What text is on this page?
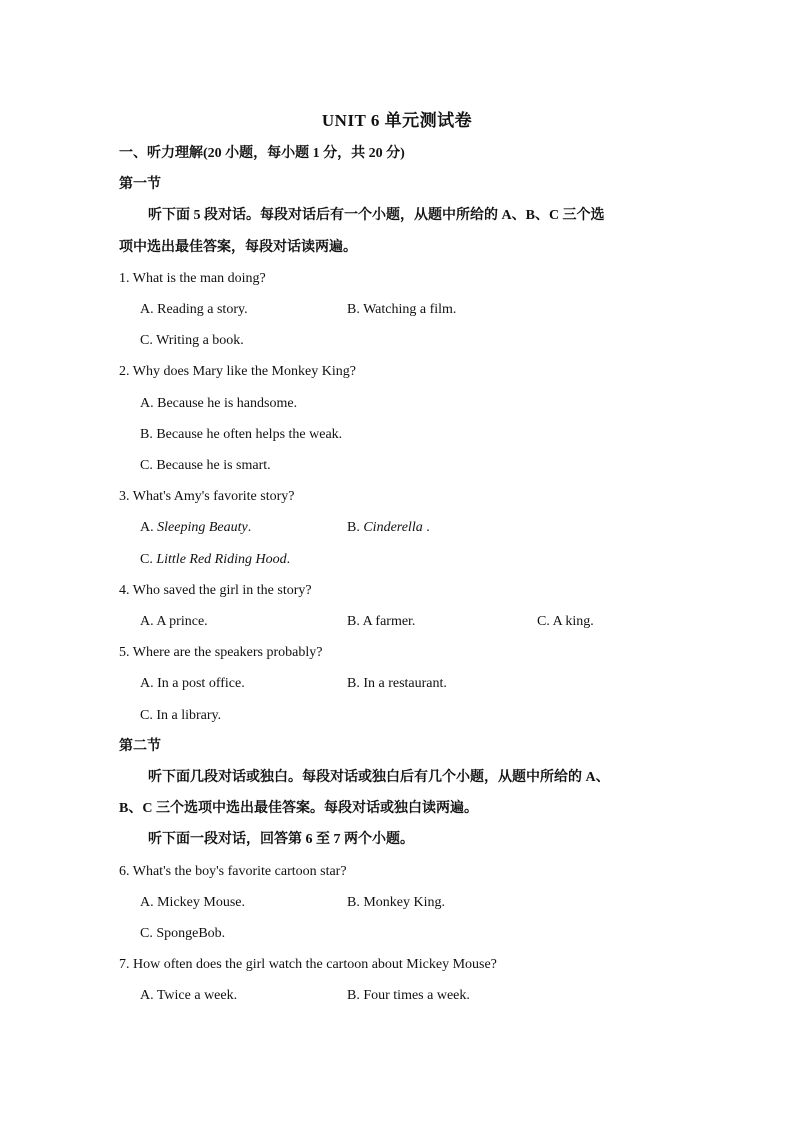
UNIT 6 单元测试卷
一、听力理解(20 小题，每小题 1 分，共 20 分)
第一节
听下面 5 段对话。每段对话后有一个小题，从题中所给的 A、B、C 三个选
项中选出最佳答案，每段对话读两遍。
1. What is the man doing?
A. Reading a story.	B. Watching a film.
C. Writing a book.
2. Why does Mary like the Monkey King?
A. Because he is handsome.
B. Because he often helps the weak.
C. Because he is smart.
3. What's Amy's favorite story?
A. Sleeping Beauty.	B. Cinderella .
C. Little Red Riding Hood.
4. Who saved the girl in the story?
A. A prince.	B. A farmer.	C. A king.
5. Where are the speakers probably?
A. In a post office.	B. In a restaurant.
C. In a library.
第二节
听下面几段对话或独白。每段对话或独白后有几个小题，从题中所给的 A、
B、C 三个选项中选出最佳答案。每段对话或独白读两遍。
听下面一段对话，回答第 6 至 7 两个小题。
6. What's the boy's favorite cartoon star?
A. Mickey Mouse.	B. Monkey King.
C. SpongeBob.
7. How often does the girl watch the cartoon about Mickey Mouse?
A. Twice a week.	B. Four times a week.
